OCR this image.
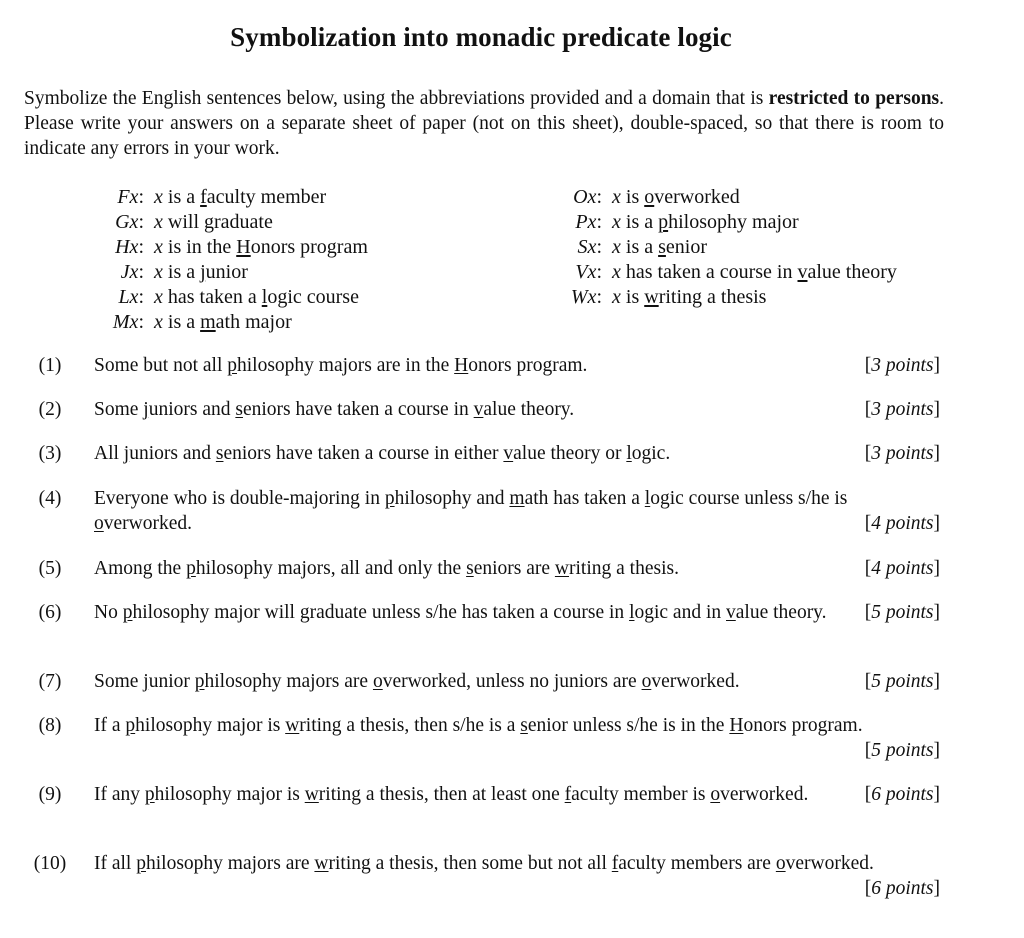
Symbolization into monadic predicate logic
Symbolize the English sentences below, using the abbreviations provided and a domain that is restricted to persons. Please write your answers on a separate sheet of paper (not on this sheet), double-spaced, so that there is room to indicate any errors in your work.
Fx: x is a faculty member
Gx: x will graduate
Hx: x is in the Honors program
Jx: x is a junior
Lx: x has taken a logic course
Mx: x is a math major
Ox: x is overworked
Px: x is a philosophy major
Sx: x is a senior
Vx: x has taken a course in value theory
Wx: x is writing a thesis
(1)	Some but not all philosophy majors are in the Honors program.	[3 points]
(2)	Some juniors and seniors have taken a course in value theory.	[3 points]
(3)	All juniors and seniors have taken a course in either value theory or logic.	[3 points]
(4)	Everyone who is double-majoring in philosophy and math has taken a logic course unless s/he is overworked.	[4 points]
(5)	Among the philosophy majors, all and only the seniors are writing a thesis.	[4 points]
(6)	No philosophy major will graduate unless s/he has taken a course in logic and in value theory.	[5 points]
(7)	Some junior philosophy majors are overworked, unless no juniors are overworked.	[5 points]
(8)	If a philosophy major is writing a thesis, then s/he is a senior unless s/he is in the Honors program.
[5 points]
(9)	If any philosophy major is writing a thesis, then at least one faculty member is overworked.	[6 points]
(10)	If all philosophy majors are writing a thesis, then some but not all faculty members are overworked.
[6 points]
